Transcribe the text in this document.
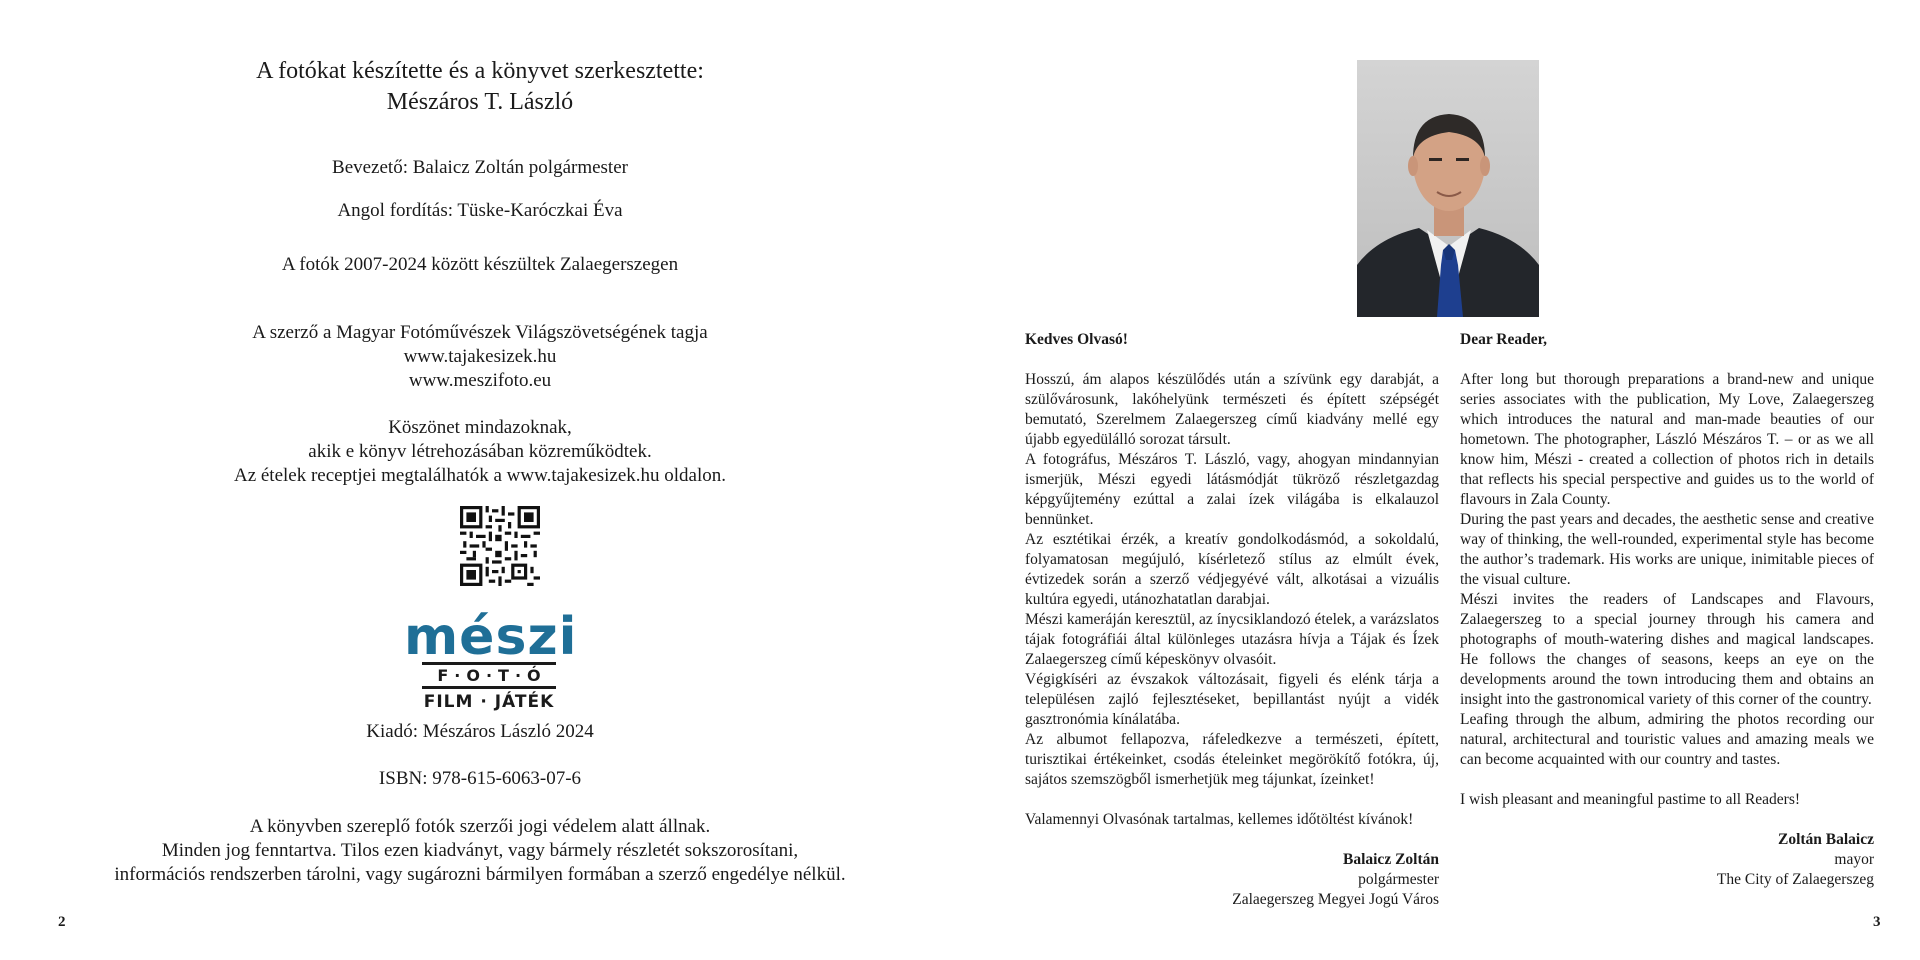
A fotókat készítette és a könyvet szerkesztette:
Mészáros T. László
Bevezető: Balaicz Zoltán polgármester
Angol fordítás: Tüske-Karóczkai Éva
A fotók 2007-2024 között készültek Zalaegerszegen
A szerző a Magyar Fotóművészek Világszövetségének tagja
www.tajakesizek.hu
www.meszifoto.eu
Köszönet mindazoknak,
akik e könyv létrehozásában közreműködtek.
Az ételek receptjei megtalálhatók a www.tajakesizek.hu oldalon.
mészi
F·O·T·Ó
FILM · JÁTÉK
Kiadó: Mészáros László 2024
ISBN: 978-615-6063-07-6
A könyvben szereplő fotók szerzői jogi védelem alatt állnak.
Minden jog fenntartva. Tilos ezen kiadványt, vagy bármely részletét sokszorosítani,
információs rendszerben tárolni, vagy sugározni bármilyen formában a szerző engedélye nélkül.
2

Kedves Olvasó!

Hosszú, ám alapos készülődés után a szívünk egy darabját, a szülővárosunk, lakóhelyünk természeti és épített szépségét bemutató, Szerelmem Zalaegerszeg című kiadvány mellé egy újabb egyedülálló sorozat társult.

A fotográfus, Mészáros T. László, vagy, ahogyan mindannyian ismerjük, Mészi egyedi látásmódját tükröző részletgazdag képgyűjtemény ezúttal a zalai ízek világába is elkalauzol bennünket.

Az esztétikai érzék, a kreatív gondolkodásmód, a sokoldalú, folyamatosan megújuló, kísérletező stílus az elmúlt évek, évtizedek során a szerző védjegyévé vált, alkotásai a vizuális kultúra egyedi, utánozhatatlan darabjai.

Mészi kameráján keresztül, az ínycsiklandozó ételek, a varázslatos tájak fotográfiái által különleges utazásra hívja a Tájak és Ízek Zalaegerszeg című képeskönyv olvasóit.

Végigkíséri az évszakok változásait, figyeli és elénk tárja a településen zajló fejlesztéseket, bepillantást nyújt a vidék gasztronómia kínálatába.

Az albumot fellapozva, ráfeledkezve a természeti, épített, turisztikai értékeinket, csodás ételeinket megörökítő fotókra, új, sajátos szemszögből ismerhetjük meg tájunkat, ízeinket!

Valamennyi Olvasónak tartalmas, kellemes időtöltést kívánok!

Balaicz Zoltán
polgármester
Zalaegerszeg Megyei Jogú Város

Dear Reader,

After long but thorough preparations a brand-new and unique series associates with the publication, My Love, Zalaegerszeg which introduces the natural and man-made beauties of our hometown. The photographer, László Mészáros T. – or as we all know him, Mészi - created a collection of photos rich in details that reflects his special perspective and guides us to the world of flavours in Zala County.

During the past years and decades, the aesthetic sense and creative way of thinking, the well-rounded, experimental style has become the author’s trademark. His works are unique, inimitable pieces of the visual culture.

Mészi invites the readers of Landscapes and Flavours, Zalaegerszeg to a special journey through his camera and photographs of mouth-watering dishes and magical landscapes. He follows the changes of seasons, keeps an eye on the developments around the town introducing them and obtains an insight into the gastronomical variety of this corner of the country.

Leafing through the album, admiring the photos recording our natural, architectural and touristic values and amazing meals we can become acquainted with our country and tastes.

I wish pleasant and meaningful pastime to all Readers!

Zoltán Balaicz
mayor
The City of Zalaegerszeg
3
